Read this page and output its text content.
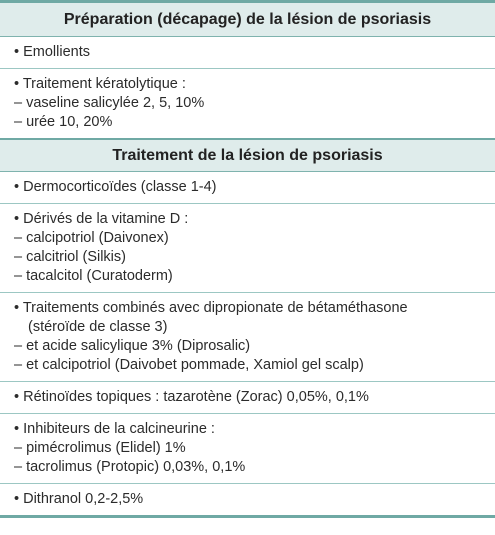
Préparation (décapage) de la lésion de psoriasis
• Emollients
• Traitement kératolytique :
– vaseline salicylée 2, 5, 10%
– urée 10, 20%
Traitement de la lésion de psoriasis
• Dermocorticoïdes (classe 1-4)
• Dérivés de la vitamine D :
– calcipotriol (Daivonex)
– calcitriol (Silkis)
– tacalcitol (Curatoderm)
• Traitements combinés avec dipropionate de bétaméthasone
(stéroïde de classe 3)
– et acide salicylique 3% (Diprosalic)
– et calcipotriol (Daivobet pommade, Xamiol gel scalp)
• Rétinoïdes topiques : tazarotène (Zorac) 0,05%, 0,1%
• Inhibiteurs de la calcineurine :
– pimécrolimus (Elidel) 1%
– tacrolimus (Protopic) 0,03%, 0,1%
• Dithranol 0,2-2,5%
